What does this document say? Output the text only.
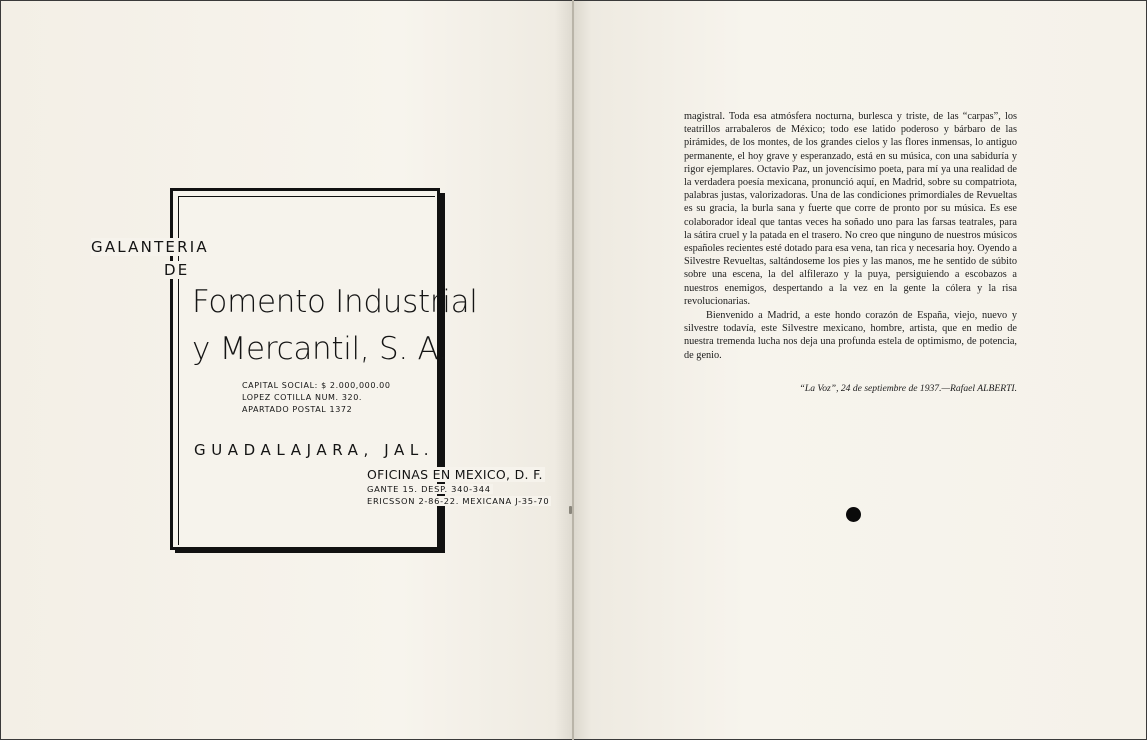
GALANTERIA
DE
Fomento Industrial
y Mercantil, S. A.
CAPITAL SOCIAL: $ 2.000,000.00
LOPEZ COTILLA NUM. 320.
APARTADO POSTAL 1372
GUADALAJARA, JAL.
OFICINAS EN MEXICO, D. F.
GANTE 15. DESP. 340-344
ERICSSON 2-86-22. MEXICANA J-35-70

magistral. Toda esa atmósfera nocturna, burlesca y triste, de las “carpas”, los teatrillos arrabaleros de México; todo ese latido poderoso y bárbaro de las pirámides, de los montes, de los grandes cielos y las flores inmensas, lo antiguo permanente, el hoy grave y esperanzado, está en su música, con una sabiduría y rigor ejemplares. Octavio Paz, un jovencísimo poeta, para mí ya una realidad de la verdadera poesía mexicana, pronunció aquí, en Madrid, sobre su compatriota, palabras justas, valorizadoras. Una de las condiciones primordiales de Revueltas es su gracia, la burla sana y fuerte que corre de pronto por su música. Es ese colaborador ideal que tantas veces ha soñado uno para las farsas teatrales, para la sátira cruel y la patada en el trasero. No creo que ninguno de nuestros músicos españoles recientes esté dotado para esa vena, tan rica y necesaria hoy. Oyendo a Silvestre Revueltas, saltándoseme los pies y las manos, me he sentido de súbito sobre una escena, la del alfilerazo y la puya, persiguiendo a escobazos a nuestros enemigos, despertando a la vez en la gente la cólera y la risa revolucionarias.

Bienvenido a Madrid, a este hondo corazón de España, viejo, nuevo y silvestre todavía, este Silvestre mexicano, hombre, artista, que en medio de nuestra tremenda lucha nos deja una profunda estela de optimismo, de potencia, de genio.

“La Voz”, 24 de septiembre de 1937.—Rafael ALBERTI.
